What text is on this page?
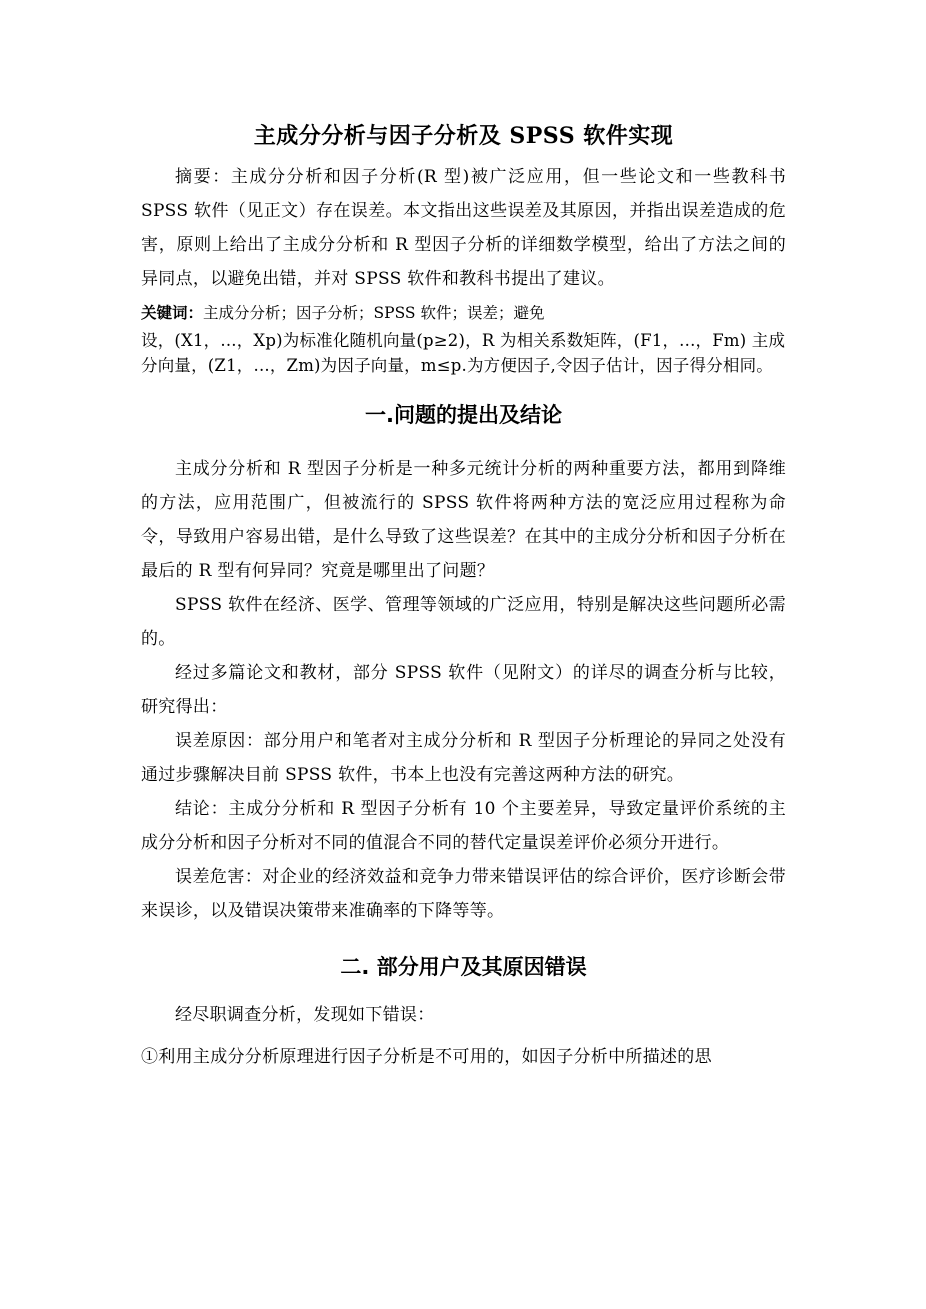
主成分分析与因子分析及 SPSS 软件实现

摘要：主成分分析和因子分析(R 型)被广泛应用，但一些论文和一些教科书 SPSS 软件（见正文）存在误差。本文指出这些误差及其原因，并指出误差造成的危害，原则上给出了主成分分析和 R 型因子分析的详细数学模型，给出了方法之间的异同点，以避免出错，并对 SPSS 软件和教科书提出了建议。

关键词：主成分分析；因子分析；SPSS 软件；误差；避免

设，(X1，...，Xp)为标准化随机向量(p≥2)，R 为相关系数矩阵，(F1，...，Fm) 主成分向量，(Z1，...，Zm)为因子向量，m≤p.为方便因子,令因子估计，因子得分相同。

一.问题的提出及结论

主成分分析和 R 型因子分析是一种多元统计分析的两种重要方法，都用到降维的方法，应用范围广，但被流行的 SPSS 软件将两种方法的宽泛应用过程称为命令，导致用户容易出错，是什么导致了这些误差？在其中的主成分分析和因子分析在最后的 R 型有何异同？究竟是哪里出了问题？

SPSS 软件在经济、医学、管理等领域的广泛应用，特别是解决这些问题所必需的。

经过多篇论文和教材，部分 SPSS 软件（见附文）的详尽的调查分析与比较，研究得出：

误差原因：部分用户和笔者对主成分分析和 R 型因子分析理论的异同之处没有通过步骤解决目前 SPSS 软件，书本上也没有完善这两种方法的研究。

结论：主成分分析和 R 型因子分析有 10 个主要差异，导致定量评价系统的主成分分析和因子分析对不同的值混合不同的替代定量误差评价必须分开进行。

误差危害：对企业的经济效益和竞争力带来错误评估的综合评价，医疗诊断会带来误诊，以及错误决策带来准确率的下降等等。

二. 部分用户及其原因错误

经尽职调查分析，发现如下错误：

①利用主成分分析原理进行因子分析是不可用的，如因子分析中所描述的思
